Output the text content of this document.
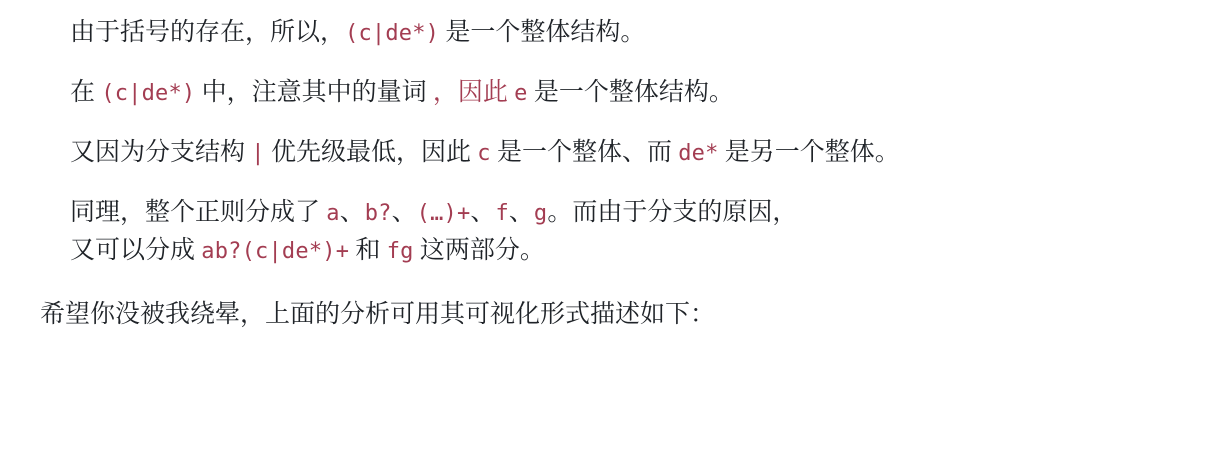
由于括号的存在，所以，(c|de*) 是一个整体结构。

在 (c|de*) 中，注意其中的量词 ，因此 e 是一个整体结构。

又因为分支结构 | 优先级最低，因此 c 是一个整体、而 de* 是另一个整体。

同理，整个正则分成了 a、b?、(…)+、f、g。而由于分支的原因，
又可以分成 ab?(c|de*)+ 和 fg 这两部分。

希望你没被我绕晕，上面的分析可用其可视化形式描述如下：
